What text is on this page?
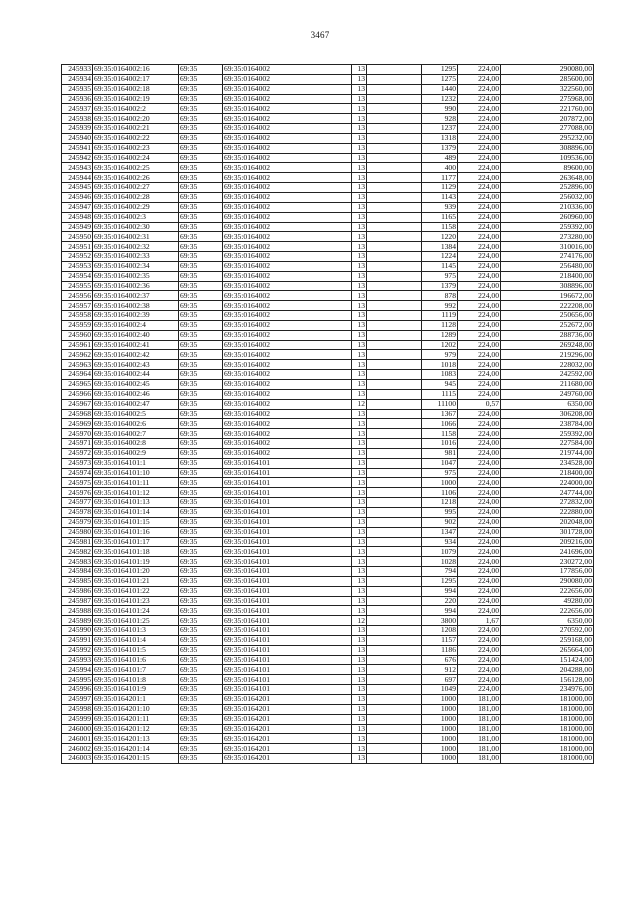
3467
245933	69:35:0164002:16	69:35	69:35:0164002	13		1295	224,00	290080,00
245934	69:35:0164002:17	69:35	69:35:0164002	13		1275	224,00	285600,00
245935	69:35:0164002:18	69:35	69:35:0164002	13		1440	224,00	322560,00
245936	69:35:0164002:19	69:35	69:35:0164002	13		1232	224,00	275968,00
245937	69:35:0164002:2	69:35	69:35:0164002	13		990	224,00	221760,00
245938	69:35:0164002:20	69:35	69:35:0164002	13		928	224,00	207872,00
245939	69:35:0164002:21	69:35	69:35:0164002	13		1237	224,00	277088,00
245940	69:35:0164002:22	69:35	69:35:0164002	13		1318	224,00	295232,00
245941	69:35:0164002:23	69:35	69:35:0164002	13		1379	224,00	308896,00
245942	69:35:0164002:24	69:35	69:35:0164002	13		489	224,00	109536,00
245943	69:35:0164002:25	69:35	69:35:0164002	13		400	224,00	89600,00
245944	69:35:0164002:26	69:35	69:35:0164002	13		1177	224,00	263648,00
245945	69:35:0164002:27	69:35	69:35:0164002	13		1129	224,00	252896,00
245946	69:35:0164002:28	69:35	69:35:0164002	13		1143	224,00	256032,00
245947	69:35:0164002:29	69:35	69:35:0164002	13		939	224,00	210336,00
245948	69:35:0164002:3	69:35	69:35:0164002	13		1165	224,00	260960,00
245949	69:35:0164002:30	69:35	69:35:0164002	13		1158	224,00	259392,00
245950	69:35:0164002:31	69:35	69:35:0164002	13		1220	224,00	273280,00
245951	69:35:0164002:32	69:35	69:35:0164002	13		1384	224,00	310016,00
245952	69:35:0164002:33	69:35	69:35:0164002	13		1224	224,00	274176,00
245953	69:35:0164002:34	69:35	69:35:0164002	13		1145	224,00	256480,00
245954	69:35:0164002:35	69:35	69:35:0164002	13		975	224,00	218400,00
245955	69:35:0164002:36	69:35	69:35:0164002	13		1379	224,00	308896,00
245956	69:35:0164002:37	69:35	69:35:0164002	13		878	224,00	196672,00
245957	69:35:0164002:38	69:35	69:35:0164002	13		992	224,00	222208,00
245958	69:35:0164002:39	69:35	69:35:0164002	13		1119	224,00	250656,00
245959	69:35:0164002:4	69:35	69:35:0164002	13		1128	224,00	252672,00
245960	69:35:0164002:40	69:35	69:35:0164002	13		1289	224,00	288736,00
245961	69:35:0164002:41	69:35	69:35:0164002	13		1202	224,00	269248,00
245962	69:35:0164002:42	69:35	69:35:0164002	13		979	224,00	219296,00
245963	69:35:0164002:43	69:35	69:35:0164002	13		1018	224,00	228032,00
245964	69:35:0164002:44	69:35	69:35:0164002	13		1083	224,00	242592,00
245965	69:35:0164002:45	69:35	69:35:0164002	13		945	224,00	211680,00
245966	69:35:0164002:46	69:35	69:35:0164002	13		1115	224,00	249760,00
245967	69:35:0164002:47	69:35	69:35:0164002	12		11100	0,57	6350,00
245968	69:35:0164002:5	69:35	69:35:0164002	13		1367	224,00	306208,00
245969	69:35:0164002:6	69:35	69:35:0164002	13		1066	224,00	238784,00
245970	69:35:0164002:7	69:35	69:35:0164002	13		1158	224,00	259392,00
245971	69:35:0164002:8	69:35	69:35:0164002	13		1016	224,00	227584,00
245972	69:35:0164002:9	69:35	69:35:0164002	13		981	224,00	219744,00
245973	69:35:0164101:1	69:35	69:35:0164101	13		1047	224,00	234528,00
245974	69:35:0164101:10	69:35	69:35:0164101	13		975	224,00	218400,00
245975	69:35:0164101:11	69:35	69:35:0164101	13		1000	224,00	224000,00
245976	69:35:0164101:12	69:35	69:35:0164101	13		1106	224,00	247744,00
245977	69:35:0164101:13	69:35	69:35:0164101	13		1218	224,00	272832,00
245978	69:35:0164101:14	69:35	69:35:0164101	13		995	224,00	222880,00
245979	69:35:0164101:15	69:35	69:35:0164101	13		902	224,00	202048,00
245980	69:35:0164101:16	69:35	69:35:0164101	13		1347	224,00	301728,00
245981	69:35:0164101:17	69:35	69:35:0164101	13		934	224,00	209216,00
245982	69:35:0164101:18	69:35	69:35:0164101	13		1079	224,00	241696,00
245983	69:35:0164101:19	69:35	69:35:0164101	13		1028	224,00	230272,00
245984	69:35:0164101:20	69:35	69:35:0164101	13		794	224,00	177856,00
245985	69:35:0164101:21	69:35	69:35:0164101	13		1295	224,00	290080,00
245986	69:35:0164101:22	69:35	69:35:0164101	13		994	224,00	222656,00
245987	69:35:0164101:23	69:35	69:35:0164101	13		220	224,00	49280,00
245988	69:35:0164101:24	69:35	69:35:0164101	13		994	224,00	222656,00
245989	69:35:0164101:25	69:35	69:35:0164101	12		3800	1,67	6350,00
245990	69:35:0164101:3	69:35	69:35:0164101	13		1208	224,00	270592,00
245991	69:35:0164101:4	69:35	69:35:0164101	13		1157	224,00	259168,00
245992	69:35:0164101:5	69:35	69:35:0164101	13		1186	224,00	265664,00
245993	69:35:0164101:6	69:35	69:35:0164101	13		676	224,00	151424,00
245994	69:35:0164101:7	69:35	69:35:0164101	13		912	224,00	204288,00
245995	69:35:0164101:8	69:35	69:35:0164101	13		697	224,00	156128,00
245996	69:35:0164101:9	69:35	69:35:0164101	13		1049	224,00	234976,00
245997	69:35:0164201:1	69:35	69:35:0164201	13		1000	181,00	181000,00
245998	69:35:0164201:10	69:35	69:35:0164201	13		1000	181,00	181000,00
245999	69:35:0164201:11	69:35	69:35:0164201	13		1000	181,00	181000,00
246000	69:35:0164201:12	69:35	69:35:0164201	13		1000	181,00	181000,00
246001	69:35:0164201:13	69:35	69:35:0164201	13		1000	181,00	181000,00
246002	69:35:0164201:14	69:35	69:35:0164201	13		1000	181,00	181000,00
246003	69:35:0164201:15	69:35	69:35:0164201	13		1000	181,00	181000,00
